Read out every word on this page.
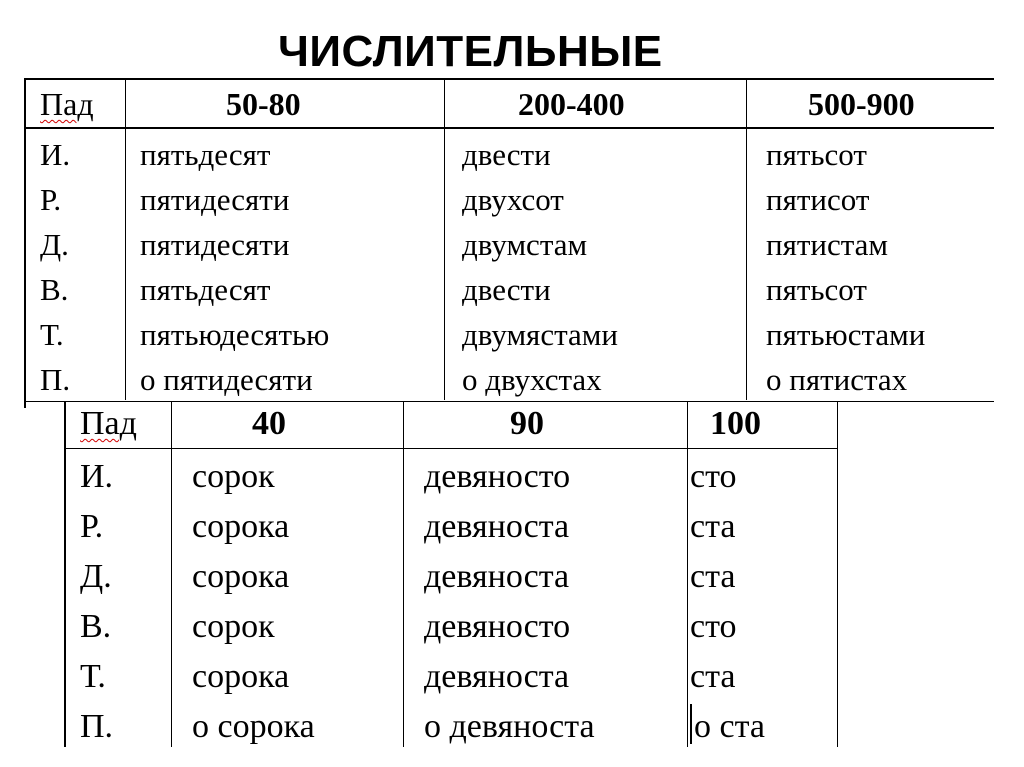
ЧИСЛИТЕЛЬНЫЕ
Пад	50-80	200-400	500-900
И. пятьдесят	двести	пятьсот
Р.	пятидесяти	двухсот	пятисот
Д. пятидесяти	двумстам	пятистам
В. пятьдесят	двести	пятьсот
Т. пятьюдесятью	двумястами	пятьюстами
П. о пятидесяти	о двухстах	о пятистах
Пад	40	90	100
И. сорок	девяносто	сто
Р.	сорока	девяноста	ста
Д. сорока	девяноста	ста
В. сорок	девяносто	сто
Т.	сорока	девяноста	ста
П. о сорока	о девяноста	о ста
